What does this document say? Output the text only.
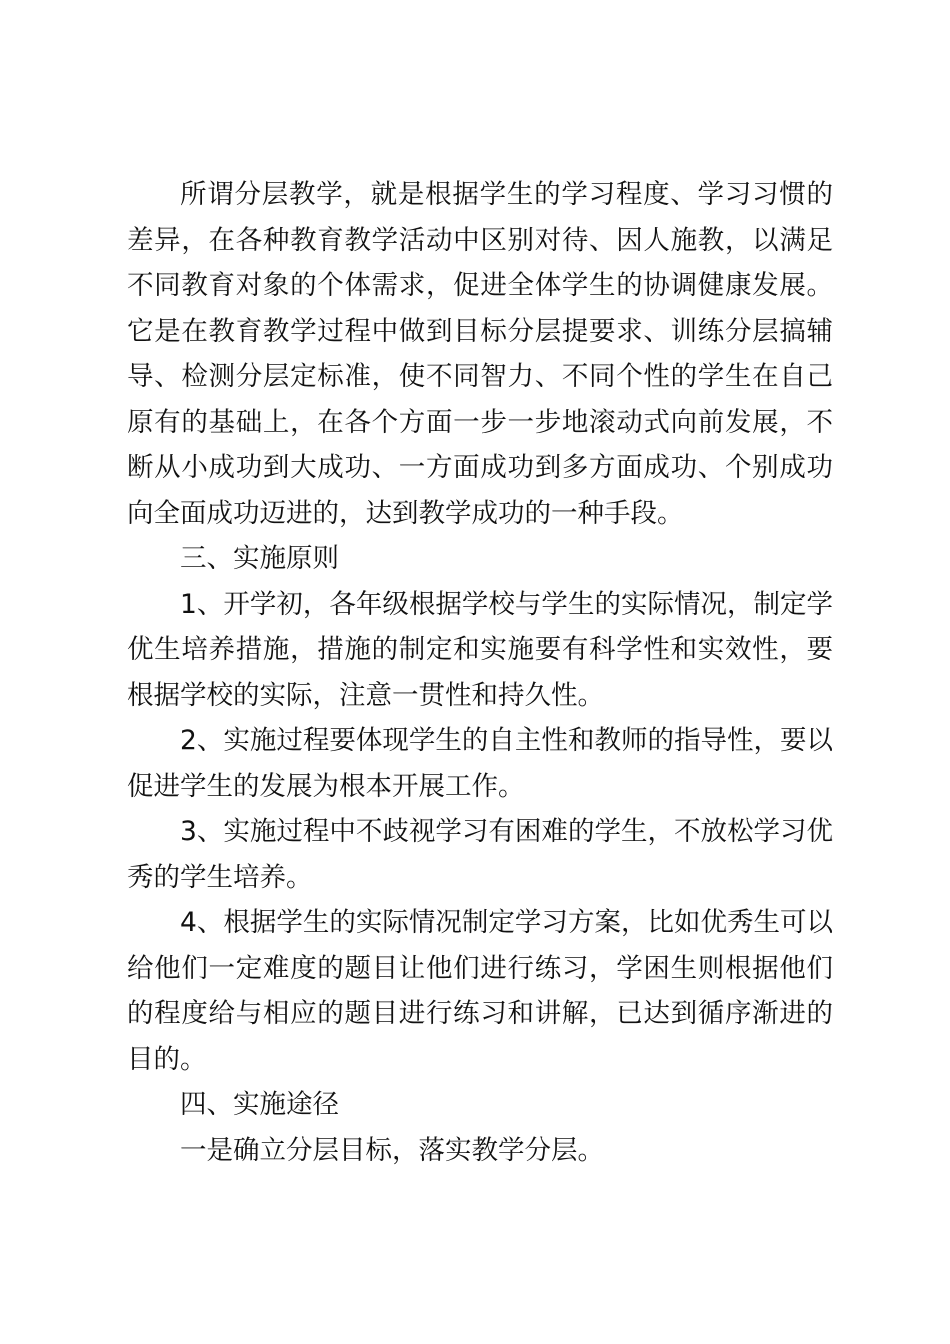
所谓分层教学，就是根据学生的学习程度、学习习惯的差异，在各种教育教学活动中区别对待、因人施教，以满足不同教育对象的个体需求，促进全体学生的协调健康发展。它是在教育教学过程中做到目标分层提要求、训练分层搞辅导、检测分层定标准，使不同智力、不同个性的学生在自己原有的基础上，在各个方面一步一步地滚动式向前发展，不断从小成功到大成功、一方面成功到多方面成功、个别成功向全面成功迈进的，达到教学成功的一种手段。

三、实施原则

1、开学初，各年级根据学校与学生的实际情况，制定学优生培养措施，措施的制定和实施要有科学性和实效性，要根据学校的实际，注意一贯性和持久性。

2、实施过程要体现学生的自主性和教师的指导性，要以促进学生的发展为根本开展工作。

3、实施过程中不歧视学习有困难的学生，不放松学习优秀的学生培养。

4、根据学生的实际情况制定学习方案，比如优秀生可以给他们一定难度的题目让他们进行练习，学困生则根据他们的程度给与相应的题目进行练习和讲解，已达到循序渐进的目的。

四、实施途径

一是确立分层目标，落实教学分层。
